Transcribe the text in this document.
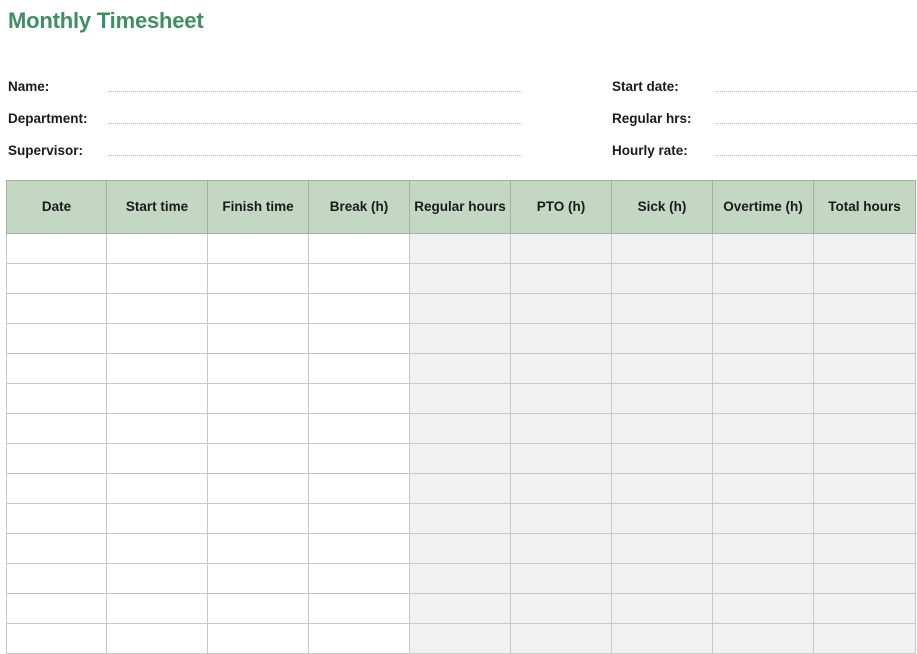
Monthly Timesheet
Name:
Department:
Supervisor:
Start date:
Regular hrs:
Hourly rate:
Date	Start time	Finish time	Break (h)	Regular hours	PTO (h)	Sick (h)	Overtime (h)	Total hours
